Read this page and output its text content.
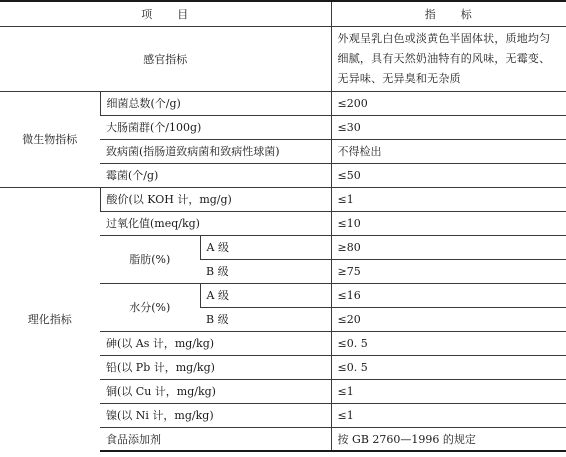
项　　目			指　　标
感官指标			外观呈乳白色或淡黄色半固体状，质地均匀细腻，具有天然奶油特有的风味，无霉变、无异味、无异臭和无杂质
微生物指标	细菌总数(个/g)		≤200
	大肠菌群(个/100g)		≤30
	致病菌(指肠道致病菌和致病性球菌)		不得检出
	霉菌(个/g)		≤50
理化指标	酸价(以 KOH 计，mg/g)		≤1
	过氧化值(meq/kg)		≤10
	脂肪(%)	A 级	≥80
		B 级	≥75
	水分(%)	A 级	≤16
		B 级	≤20
	砷(以 As 计，mg/kg)		≤0. 5
	铅(以 Pb 计，mg/kg)		≤0. 5
	铜(以 Cu 计，mg/kg)		≤1
	镍(以 Ni 计，mg/kg)		≤1
	食品添加剂		按 GB 2760—1996 的规定
